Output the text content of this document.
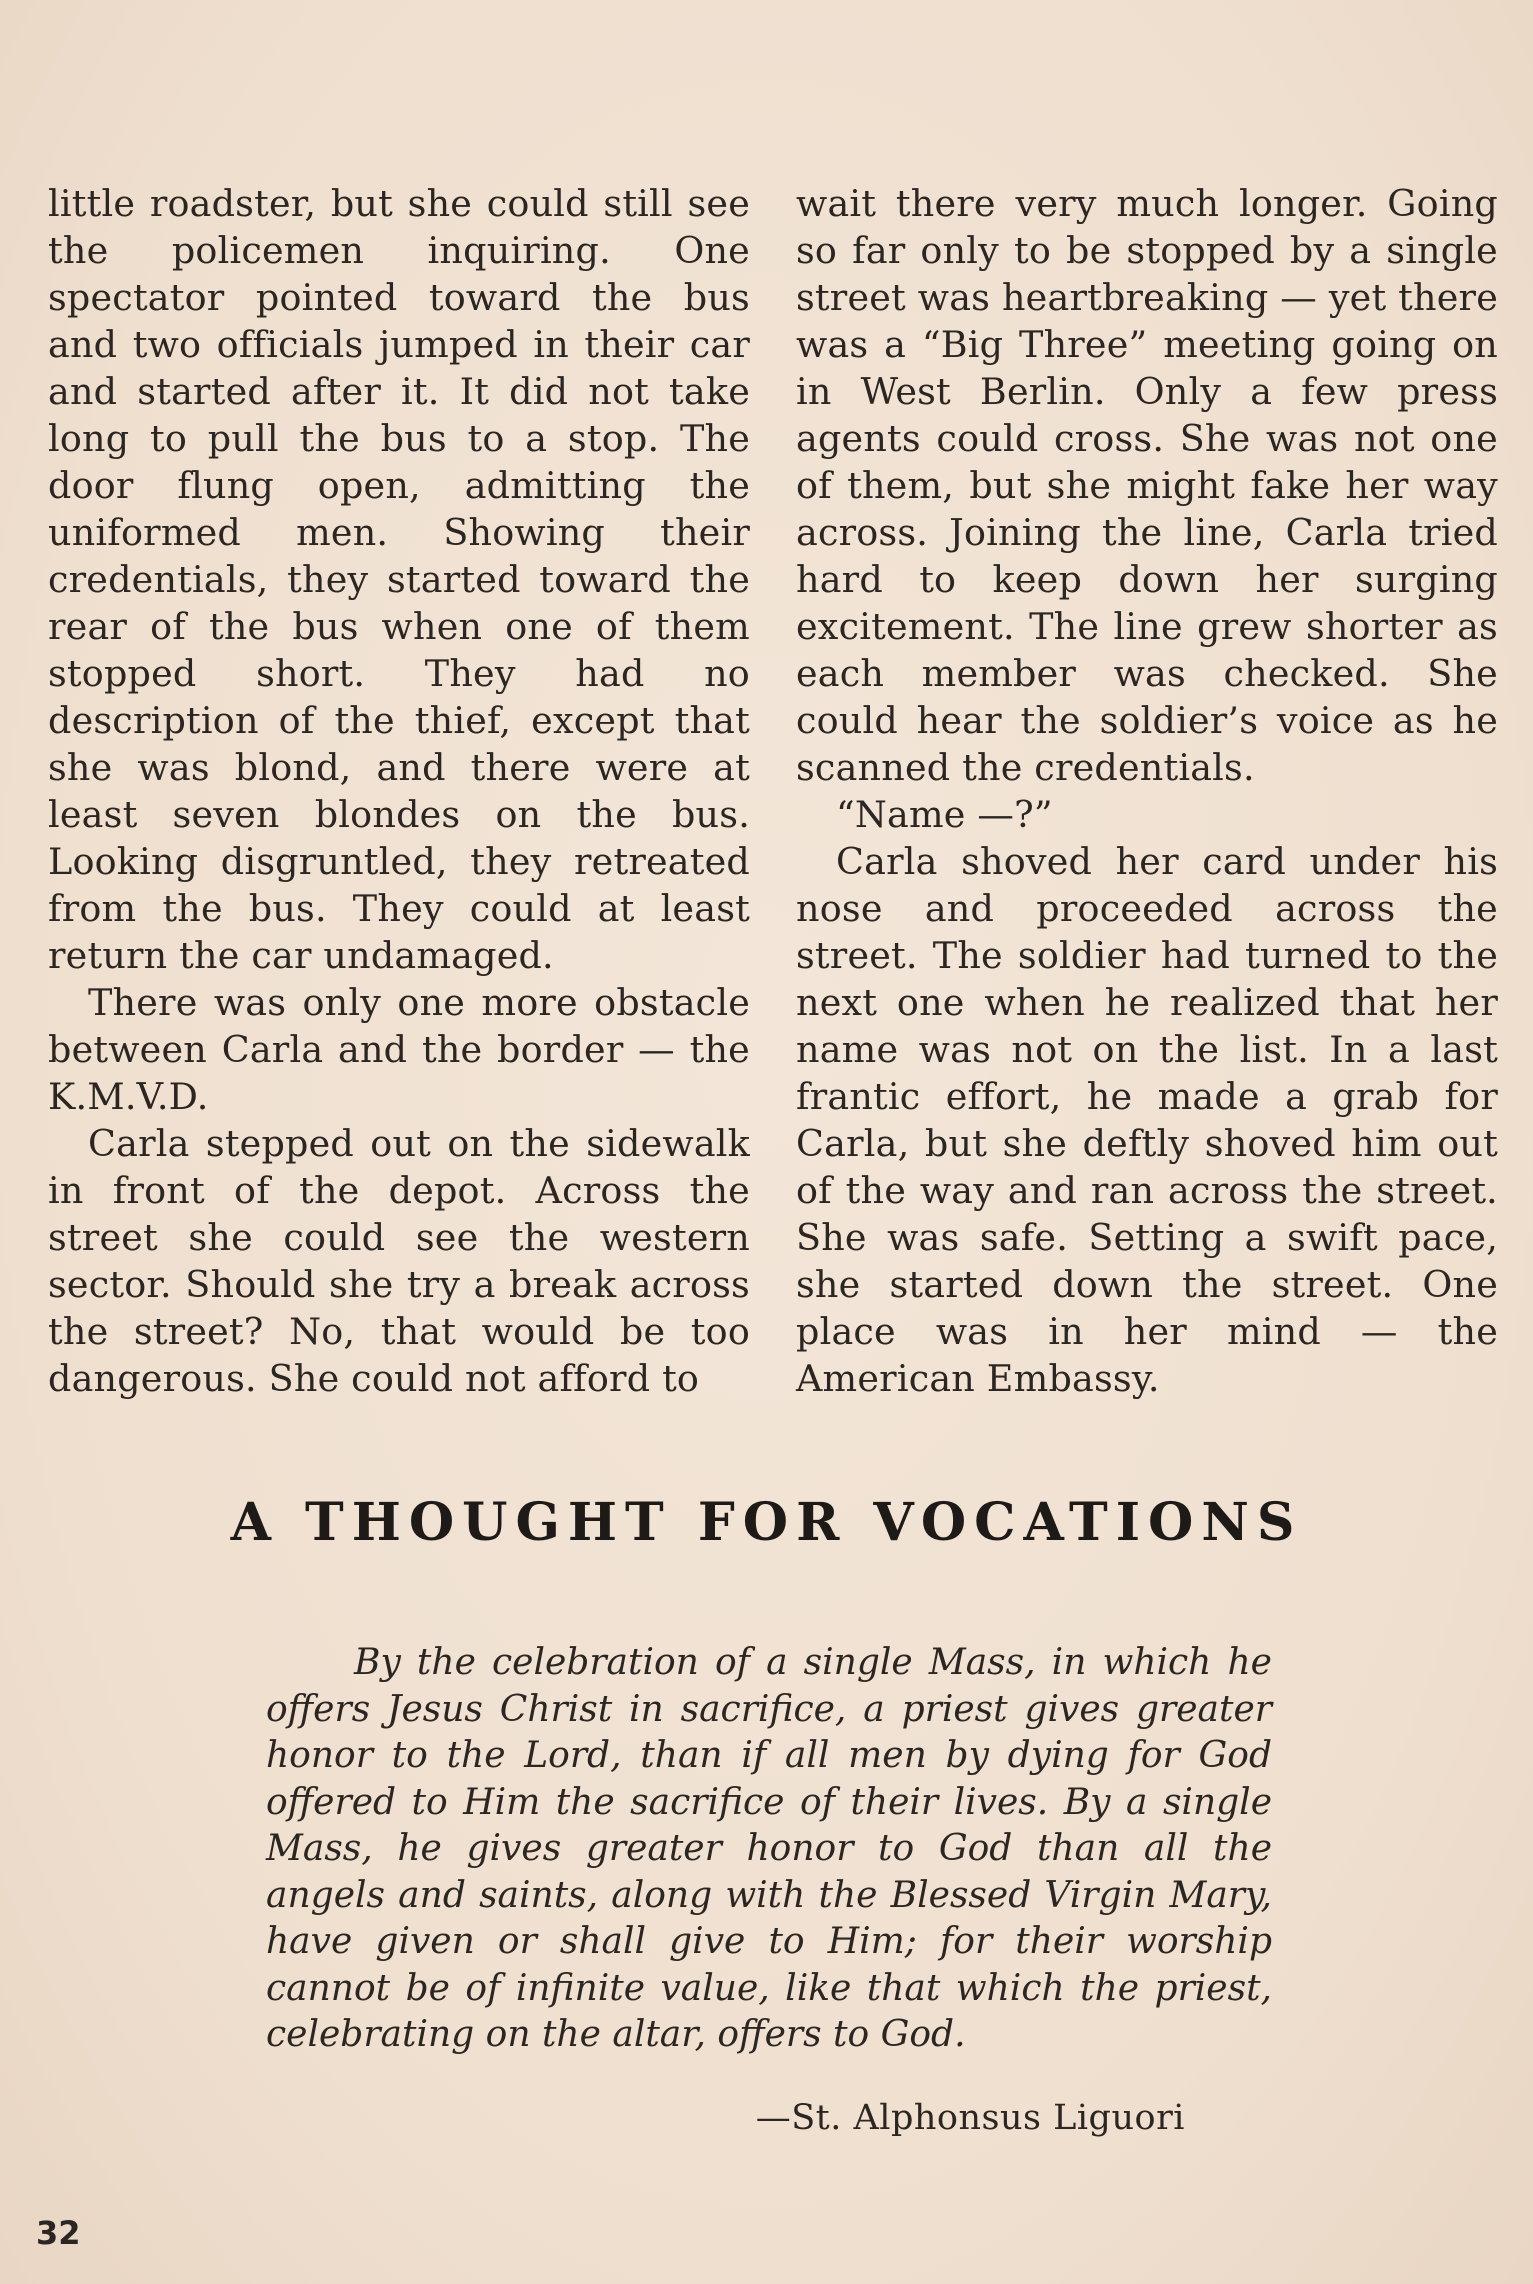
little roadster, but she could still see the policemen inquiring. One spectator pointed toward the bus and two officials jumped in their car and started after it. It did not take long to pull the bus to a stop. The door flung open, admitting the uniformed men. Showing their credentials, they started toward the rear of the bus when one of them stopped short. They had no description of the thief, except that she was blond, and there were at least seven blondes on the bus. Looking disgruntled, they retreated from the bus. They could at least return the car undamaged.

There was only one more obstacle between Carla and the border — the K.M.V.D.

Carla stepped out on the sidewalk in front of the depot. Across the street she could see the western sector. Should she try a break across the street? No, that would be too dangerous. She could not afford to

wait there very much longer. Going so far only to be stopped by a single street was heartbreaking — yet there was a “Big Three” meeting going on in West Berlin. Only a few press agents could cross. She was not one of them, but she might fake her way across. Joining the line, Carla tried hard to keep down her surging excitement. The line grew shorter as each member was checked. She could hear the soldier’s voice as he scanned the credentials.

“Name —?”

Carla shoved her card under his nose and proceeded across the street. The soldier had turned to the next one when he realized that her name was not on the list. In a last frantic effort, he made a grab for Carla, but she deftly shoved him out of the way and ran across the street. She was safe. Setting a swift pace, she started down the street. One place was in her mind — the American Embassy.

A THOUGHT FOR VOCATIONS

By the celebration of a single Mass, in which he offers Jesus Christ in sacrifice, a priest gives greater honor to the Lord, than if all men by dying for God offered to Him the sacrifice of their lives. By a single Mass, he gives greater honor to God than all the angels and saints, along with the Blessed Virgin Mary, have given or shall give to Him; for their worship cannot be of infinite value, like that which the priest, celebrating on the altar, offers to God.

—St. Alphonsus Liguori
32
